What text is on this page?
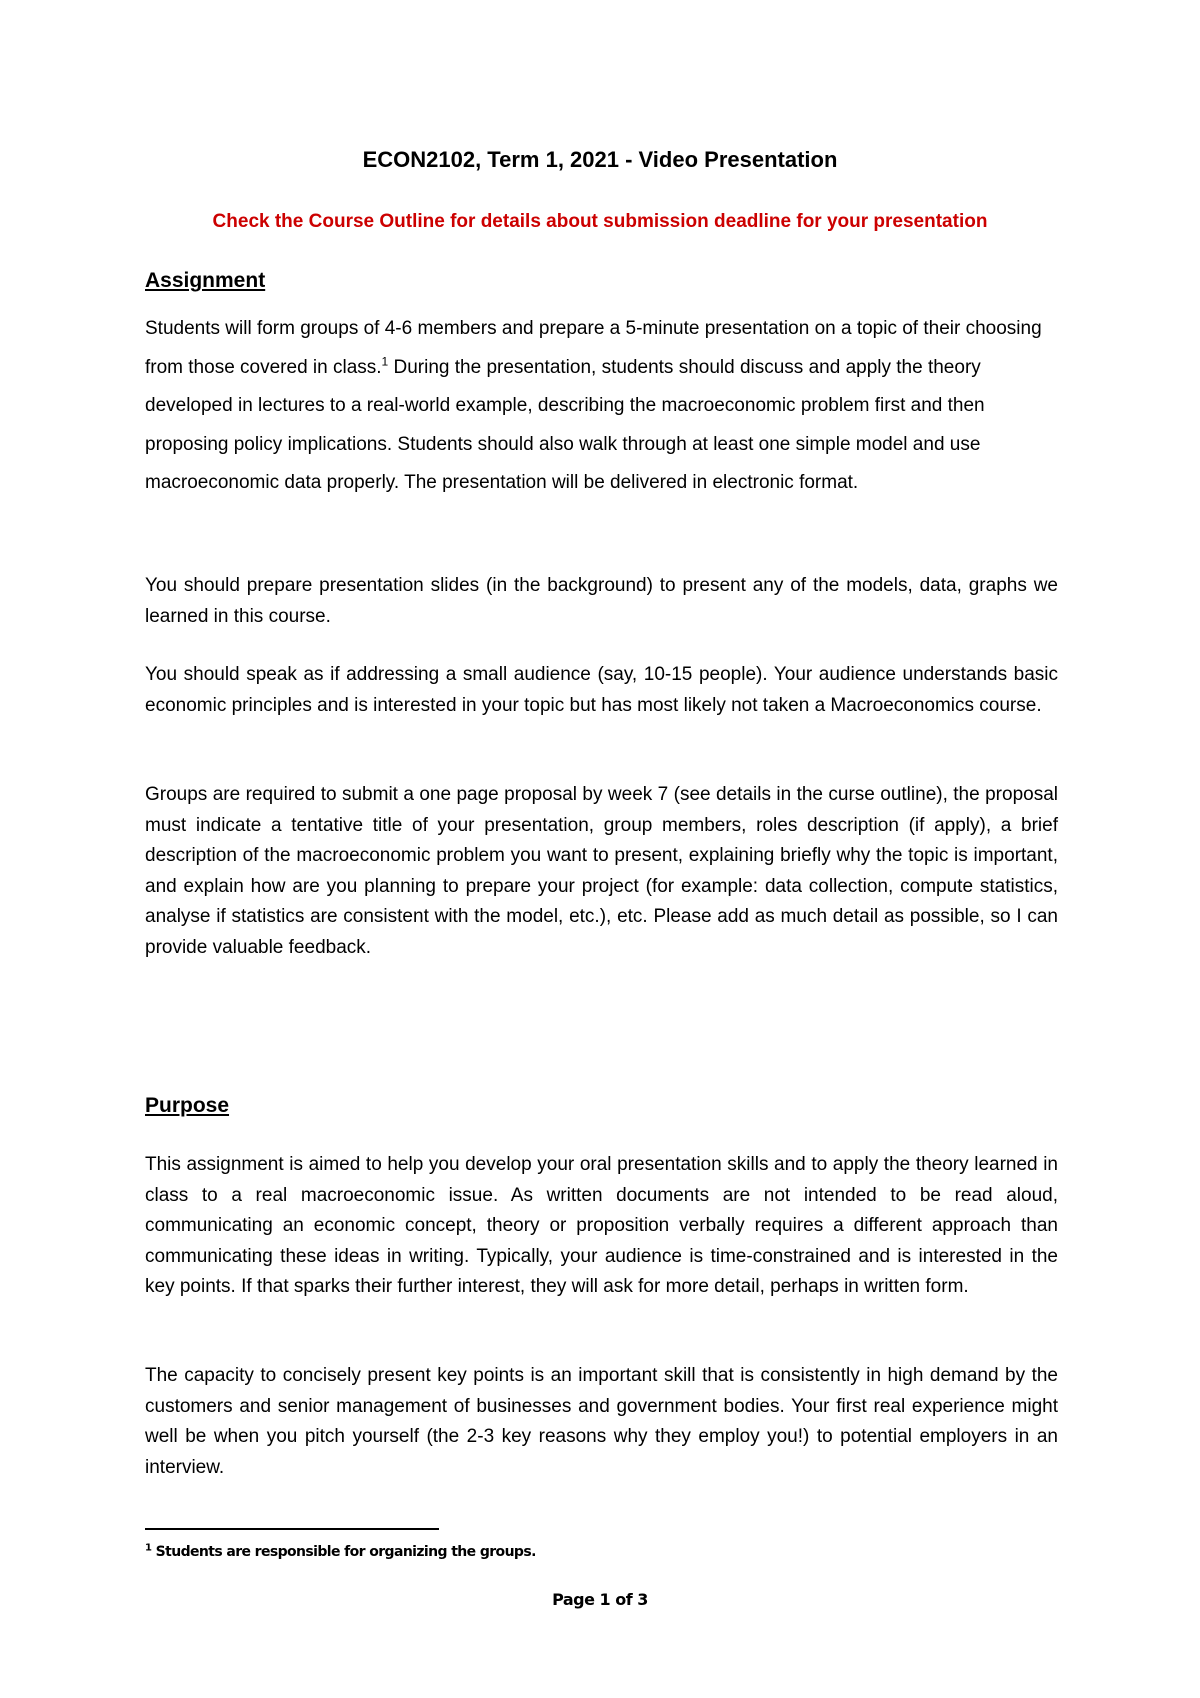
ECON2102, Term 1, 2021 - Video Presentation
Check the Course Outline for details about submission deadline for your presentation
Assignment

Students will form groups of 4-6 members and prepare a 5-minute presentation on a topic of their choosing from those covered in class.$^1$ During the presentation, students should discuss and apply the theory developed in lectures to a real-world example, describing the macroeconomic problem first and then proposing policy implications. Students should also walk through at least one simple model and use macroeconomic data properly. The presentation will be delivered in electronic format.

You should prepare presentation slides (in the background) to present any of the models, data, graphs we learned in this course.

You should speak as if addressing a small audience (say, 10-15 people). Your audience understands basic economic principles and is interested in your topic but has most likely not taken a Macroeconomics course.

Groups are required to submit a one page proposal by week 7 (see details in the curse outline), the proposal must indicate a tentative title of your presentation, group members, roles description (if apply), a brief description of the macroeconomic problem you want to present, explaining briefly why the topic is important, and explain how are you planning to prepare your project (for example: data collection, compute statistics, analyse if statistics are consistent with the model, etc.), etc. Please add as much detail as possible, so I can provide valuable feedback.

Purpose

This assignment is aimed to help you develop your oral presentation skills and to apply the theory learned in class to a real macroeconomic issue. As written documents are not intended to be read aloud, communicating an economic concept, theory or proposition verbally requires a different approach than communicating these ideas in writing. Typically, your audience is time-constrained and is interested in the key points. If that sparks their further interest, they will ask for more detail, perhaps in written form.

The capacity to concisely present key points is an important skill that is consistently in high demand by the customers and senior management of businesses and government bodies. Your first real experience might well be when you pitch yourself (the 2-3 key reasons why they employ you!) to potential employers in an interview.

$^1$ Students are responsible for organizing the groups.
Page 1 of 3
